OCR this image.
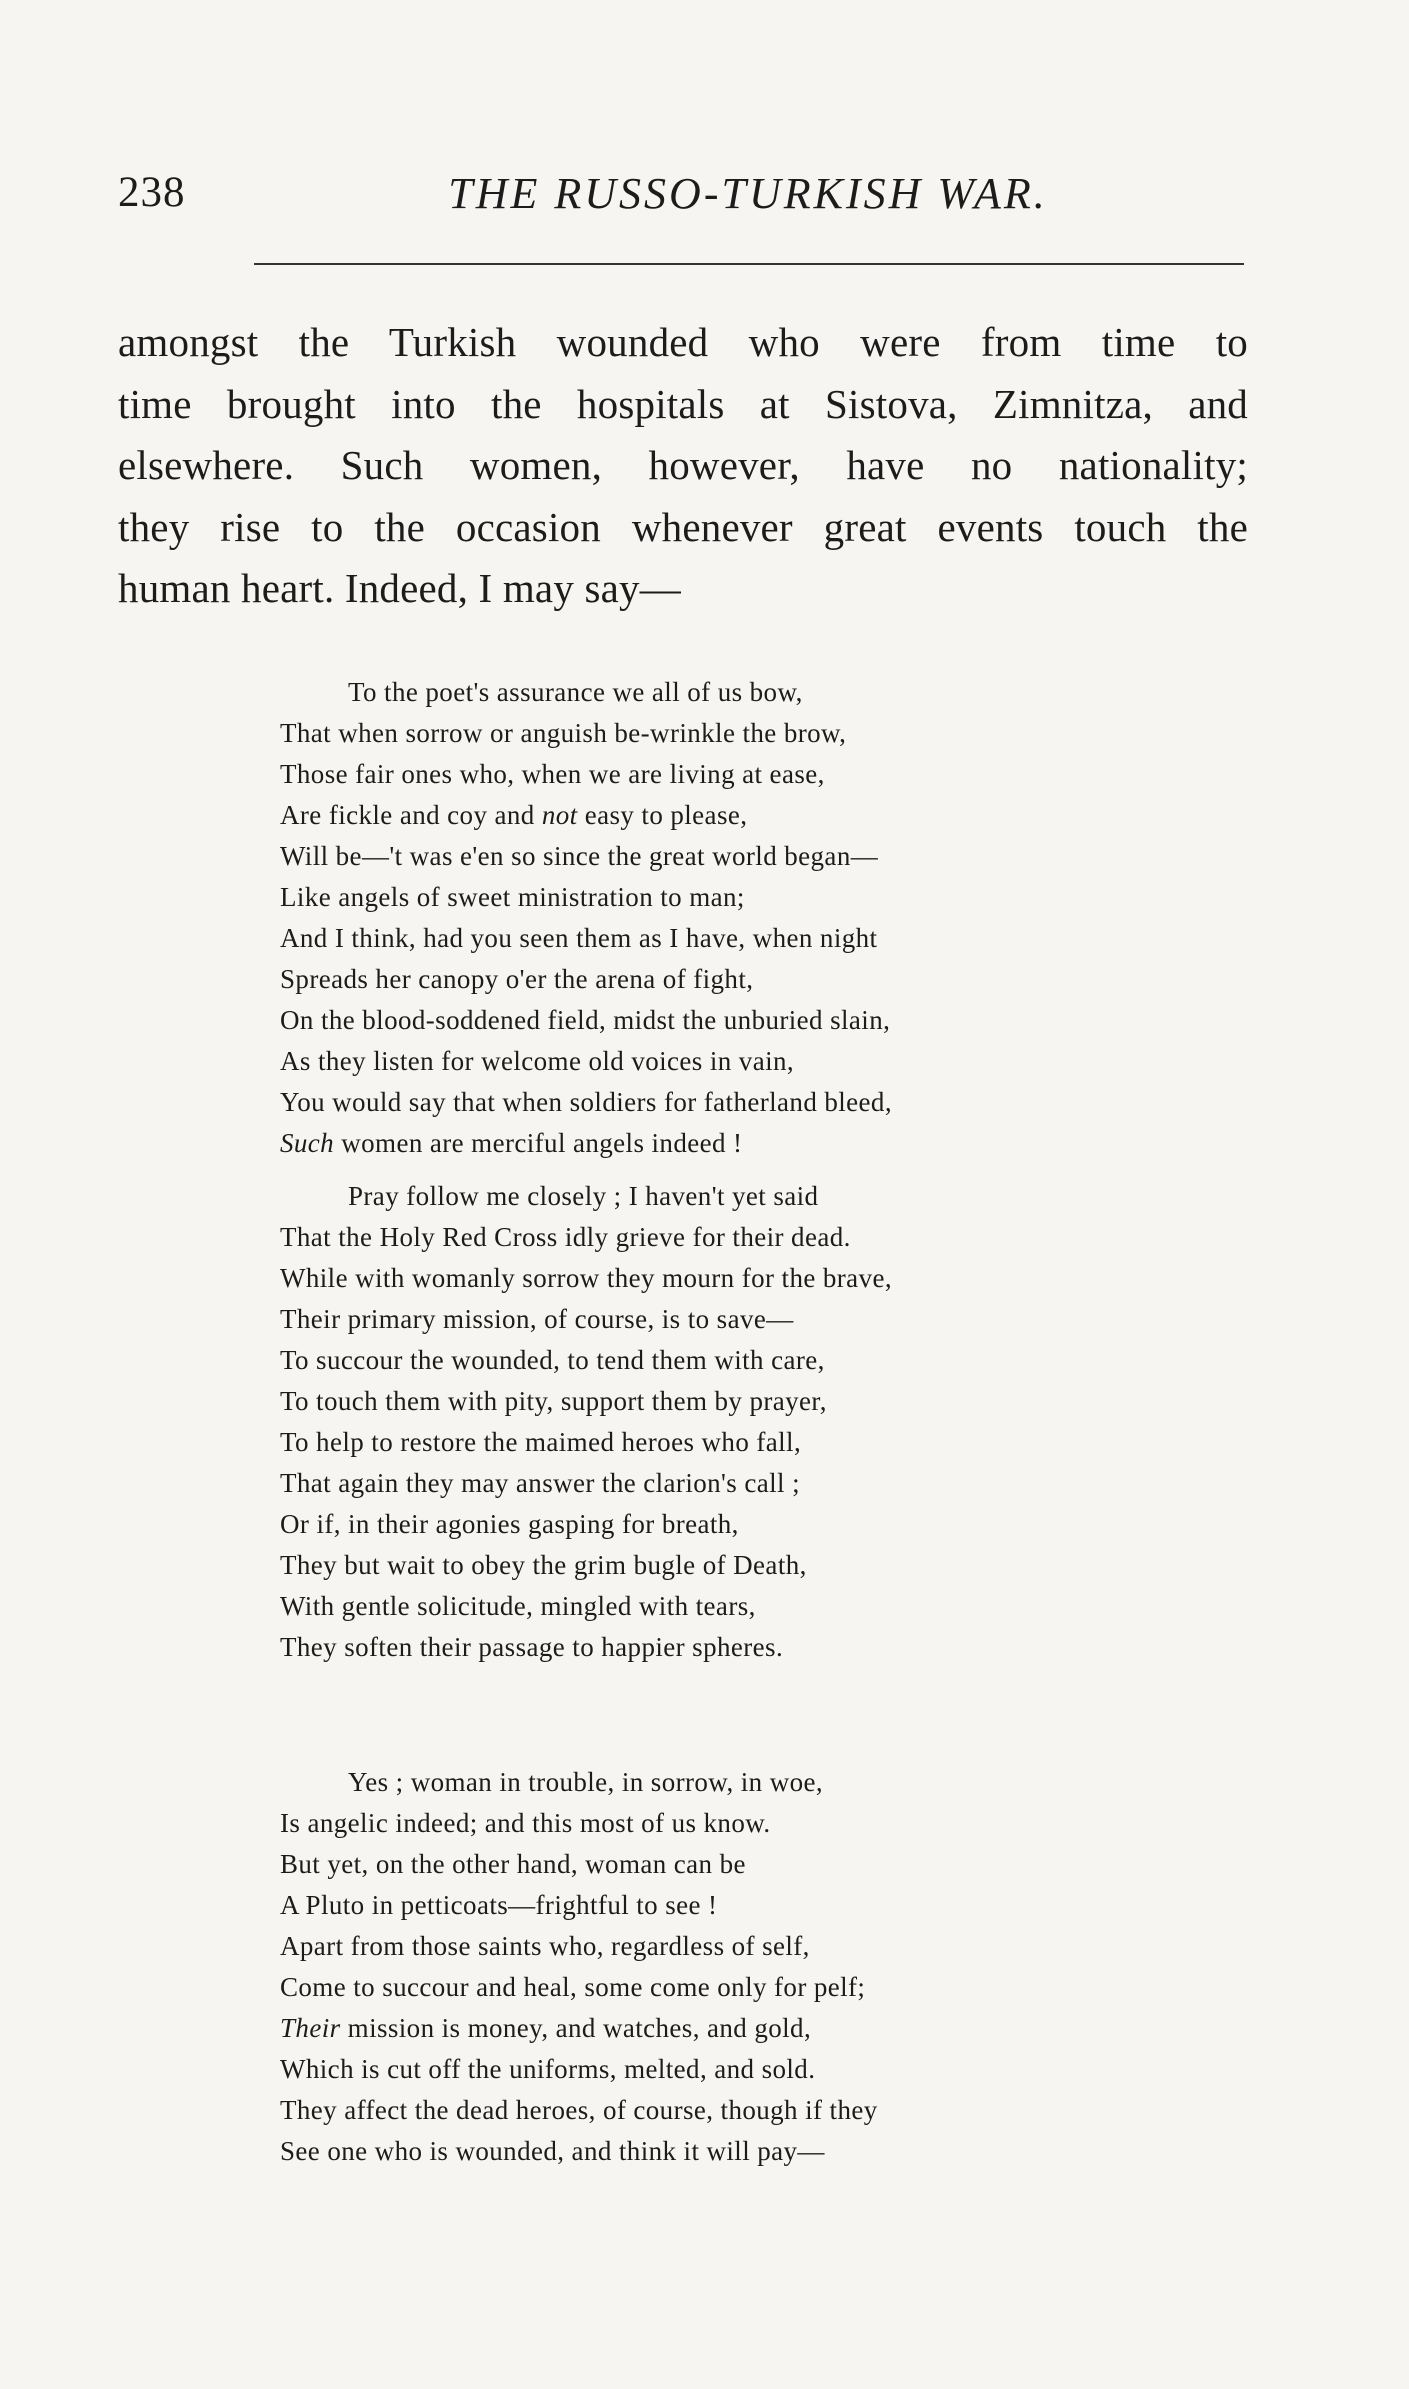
238	THE RUSSO-TURKISH WAR.

amongst the Turkish wounded who were from time to
time brought into the hospitals at Sistova, Zimnitza, and
elsewhere. Such women, however, have no nationality;
they rise to the occasion whenever great events touch the
human heart. Indeed, I may say—

To the poet's assurance we all of us bow,
That when sorrow or anguish be-wrinkle the brow,
Those fair ones who, when we are living at ease,
Are fickle and coy and not easy to please,
Will be—'t was e'en so since the great world began—
Like angels of sweet ministration to man;
And I think, had you seen them as I have, when night
Spreads her canopy o'er the arena of fight,
On the blood-soddened field, midst the unburied slain,
As they listen for welcome old voices in vain,
You would say that when soldiers for fatherland bleed,
Such women are merciful angels indeed !
Pray follow me closely ; I haven't yet said
That the Holy Red Cross idly grieve for their dead.
While with womanly sorrow they mourn for the brave,
Their primary mission, of course, is to save—
To succour the wounded, to tend them with care,
To touch them with pity, support them by prayer,
To help to restore the maimed heroes who fall,
That again they may answer the clarion's call ;
Or if, in their agonies gasping for breath,
They but wait to obey the grim bugle of Death,
With gentle solicitude, mingled with tears,
They soften their passage to happier spheres.
Yes ; woman in trouble, in sorrow, in woe,
Is angelic indeed; and this most of us know.
But yet, on the other hand, woman can be
A Pluto in petticoats—frightful to see !
Apart from those saints who, regardless of self,
Come to succour and heal, some come only for pelf;
Their mission is money, and watches, and gold,
Which is cut off the uniforms, melted, and sold.
They affect the dead heroes, of course, though if they
See one who is wounded, and think it will pay—
